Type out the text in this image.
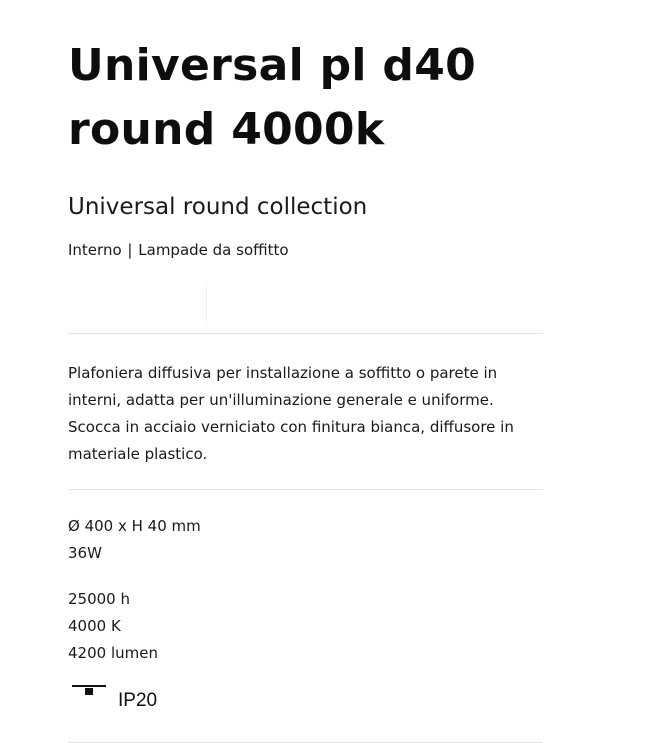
Universal pl d40 round 4000k
Universal round collection
Interno | Lampade da soffitto

Plafoniera diffusiva per installazione a soffitto o parete in interni, adatta per un'illuminazione generale e uniforme. Scocca in acciaio verniciato con finitura bianca, diffusore in materiale plastico.

Ø 400 x H 40 mm
36W
25000 h
4000 K
4200 lumen
IP20
